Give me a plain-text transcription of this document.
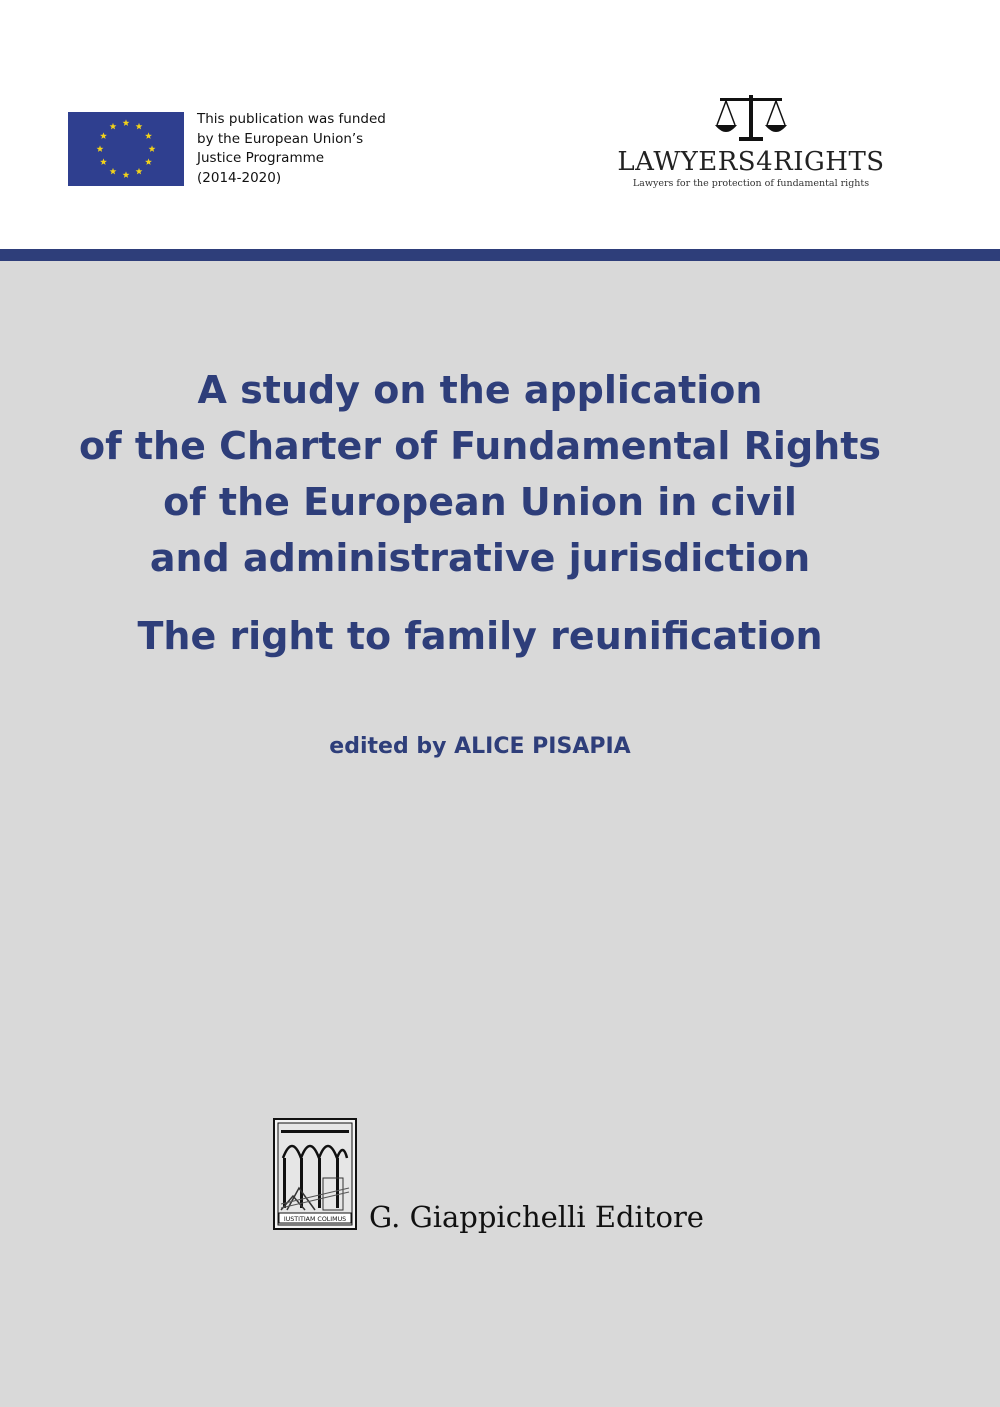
This publication was funded
by the European Union’s
Justice Programme
(2014-2020)
LAWYERS4RIGHTS
Lawyers for the protection of fundamental rights
A study on the application
of the Charter of Fundamental Rights
of the European Union in civil
and administrative jurisdiction
The right to family reunification
edited by ALICE PISAPIA
IUSTITIAM COLIMUS G. Giappichelli Editore
